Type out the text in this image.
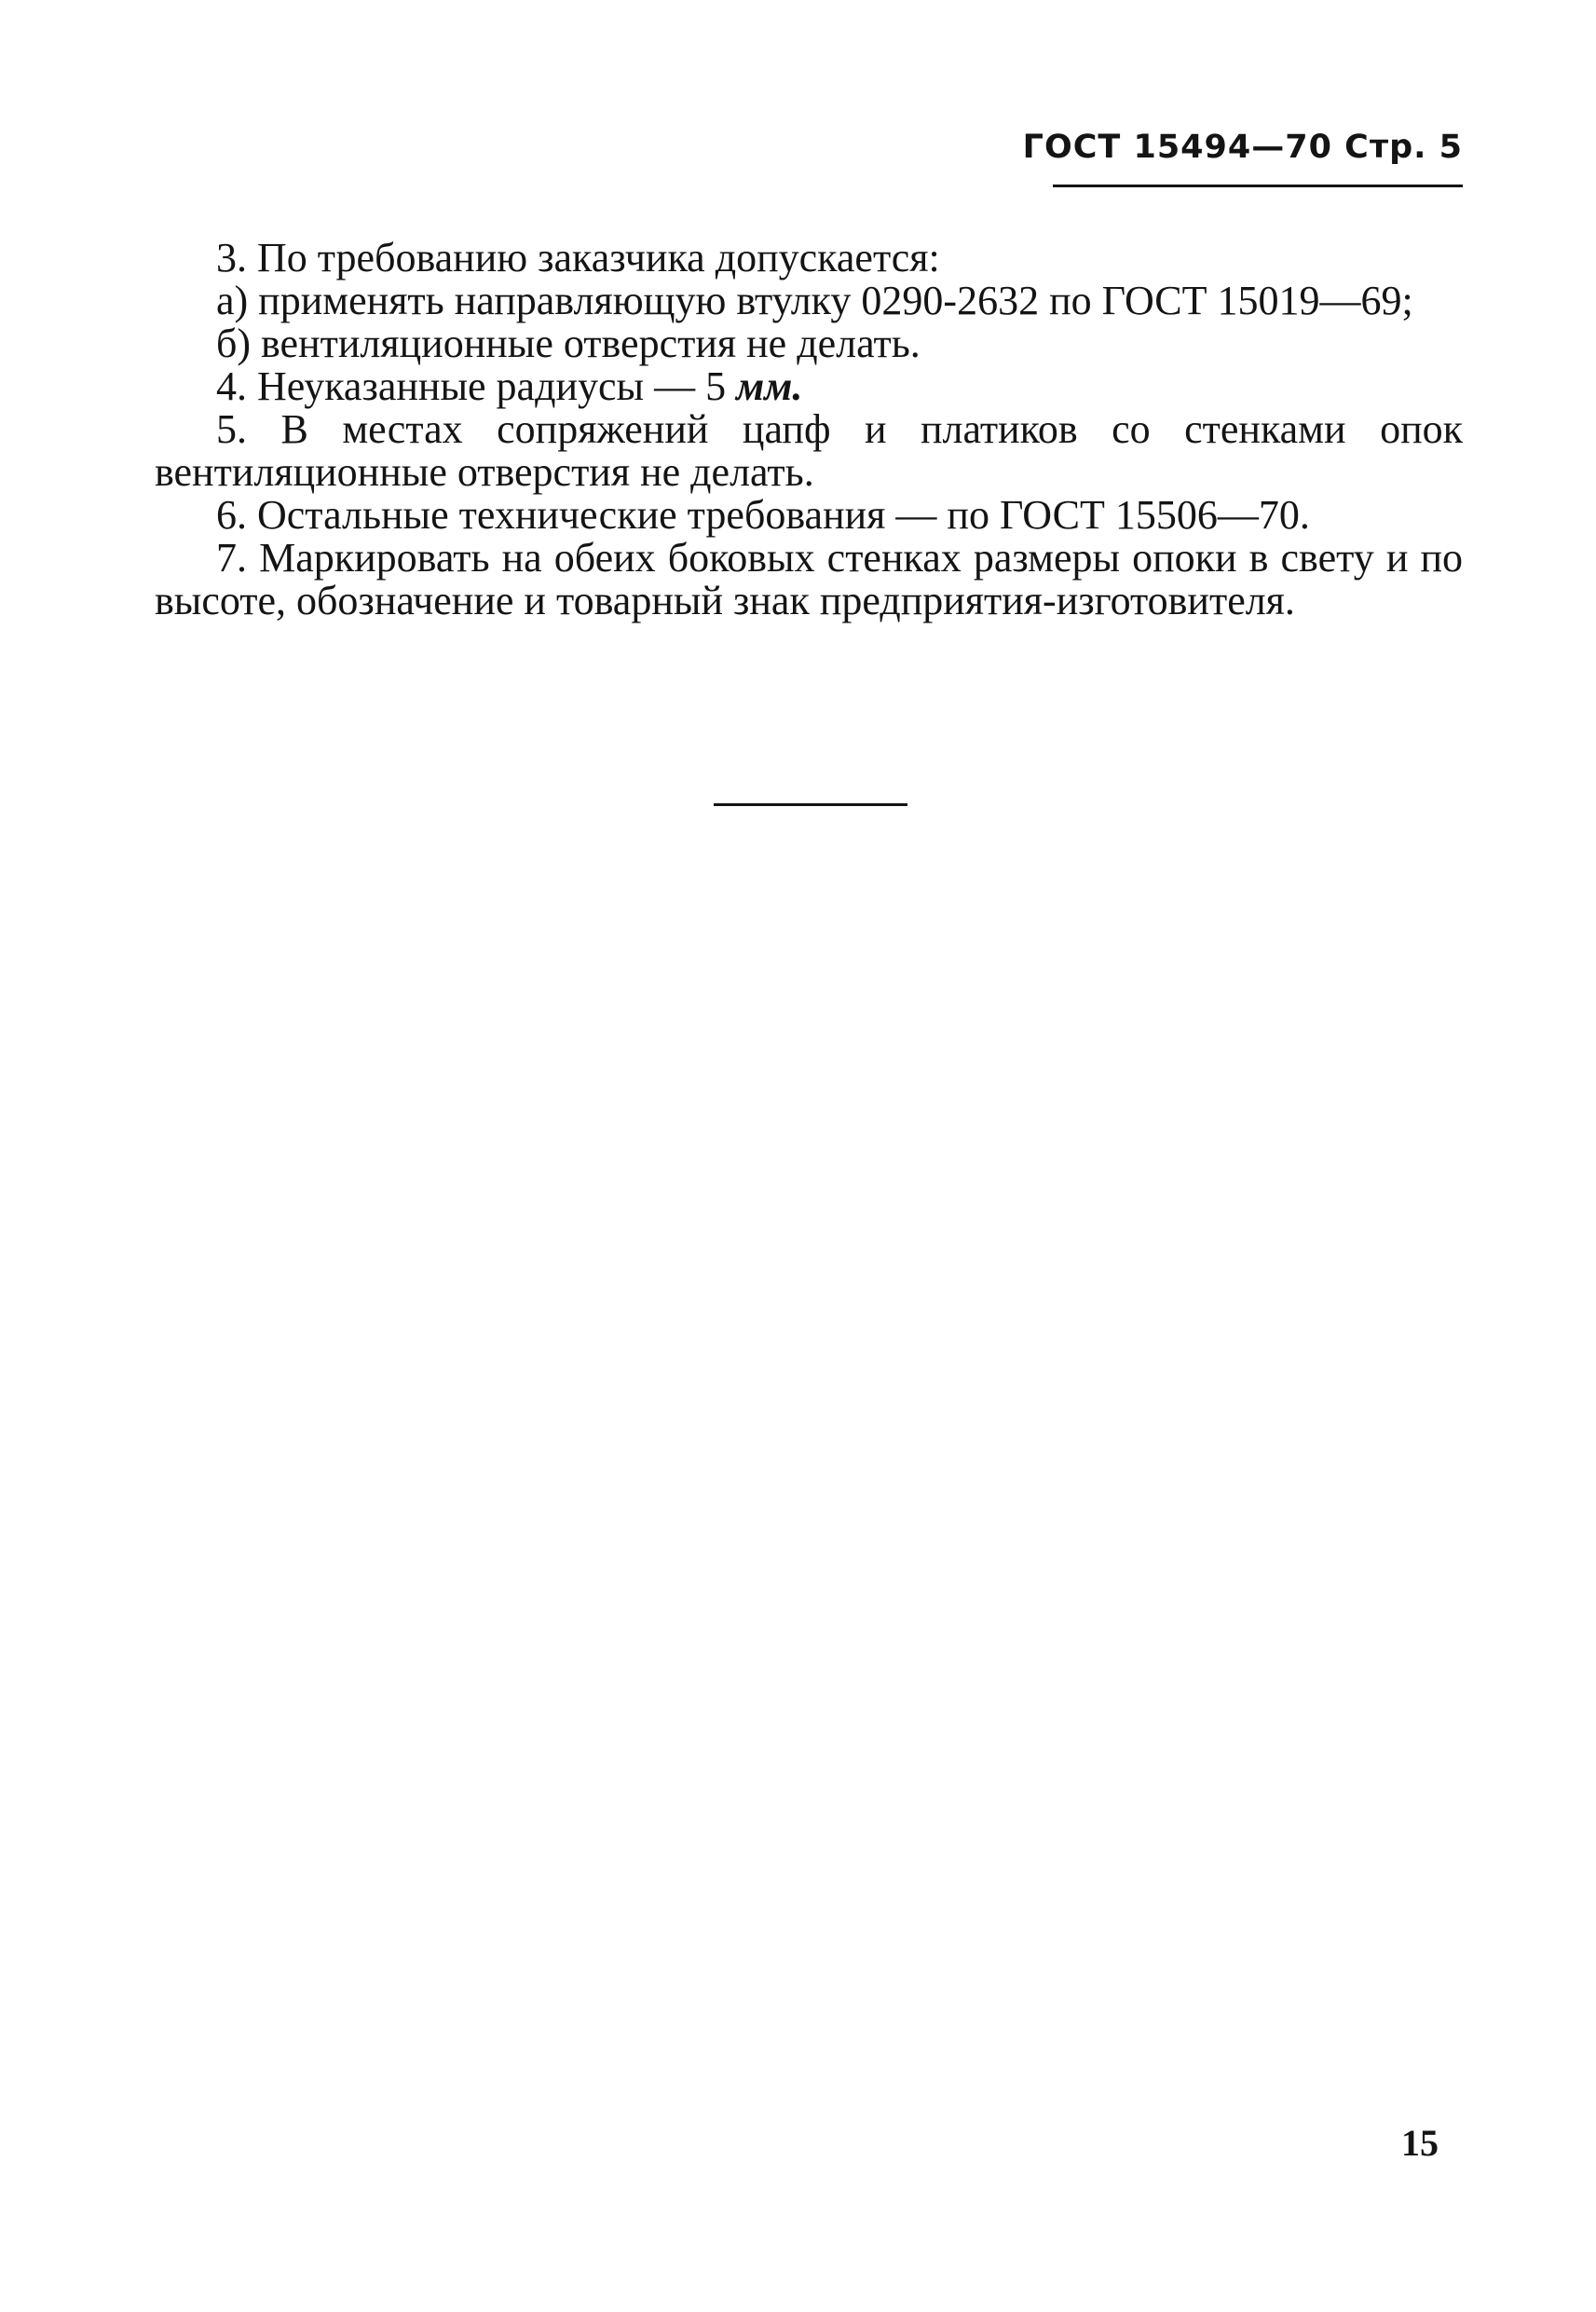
ГОСТ 15494—70 Стр. 5

3. По требованию заказчика допускается:

а) применять направляющую втулку 0290-2632 по ГОСТ 15019—69;

б) вентиляционные отверстия не делать.

4. Неуказанные радиусы — 5 мм.

5. В местах сопряжений цапф и платиков со стенками опок вентиляционные отверстия не делать.

6. Остальные технические требования — по ГОСТ 15506—70.

7. Маркировать на обеих боковых стенках размеры опоки в свету и по высоте, обозначение и товарный знак предприятия-изготовителя.

15
